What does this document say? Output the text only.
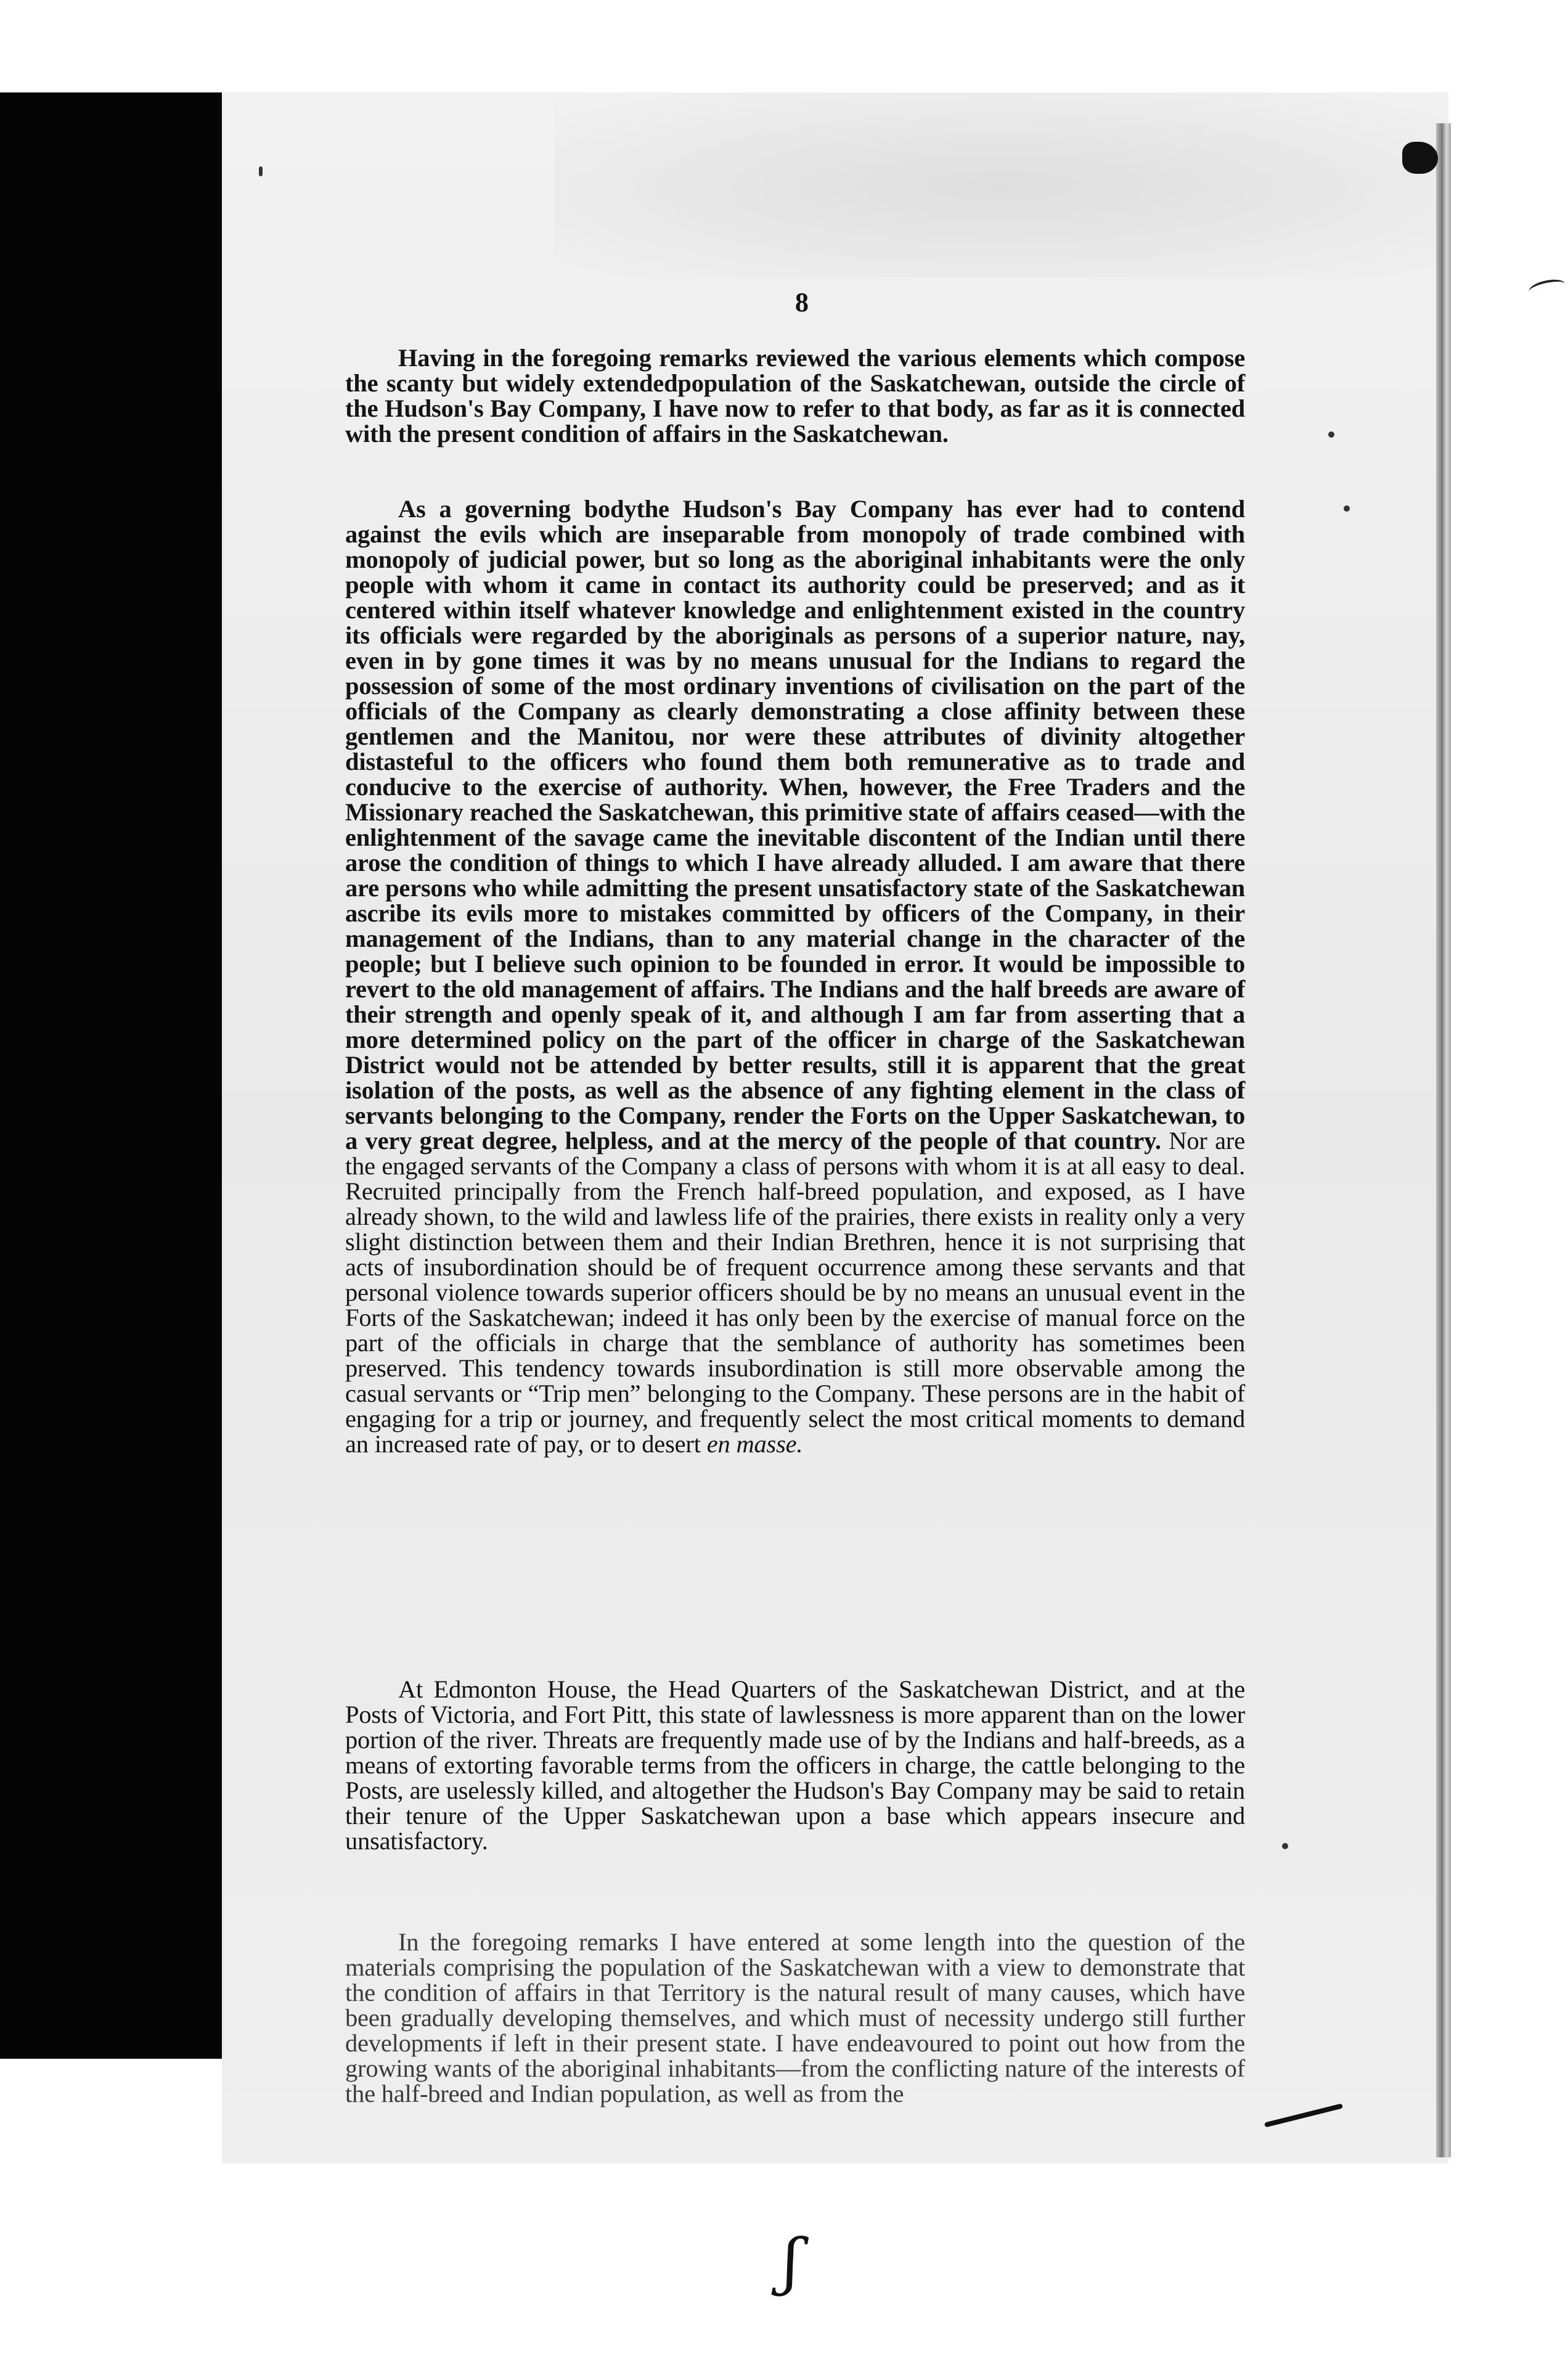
8

Having in the foregoing remarks reviewed the various elements which compose the scanty but widely extendedpopulation of the Saskatchewan, outside the circle of the Hudson's Bay Company, I have now to refer to that body, as far as it is connected with the present condition of affairs in the Saskatchewan.

As a governing bodythe Hudson's Bay Company has ever had to contend against the evils which are inseparable from monopoly of trade combined with monopoly of judicial power, but so long as the aboriginal inhabitants were the only people with whom it came in contact its authority could be preserved; and as it centered within itself whatever knowledge and enlightenment existed in the country its officials were regarded by the aboriginals as persons of a superior nature, nay, even in by gone times it was by no means unusual for the Indians to regard the possession of some of the most ordinary inventions of civilisation on the part of the officials of the Company as clearly demonstrating a close affinity between these gentlemen and the Manitou, nor were these attributes of divinity altogether distasteful to the officers who found them both remunerative as to trade and conducive to the exercise of authority. When, however, the Free Traders and the Missionary reached the Saskatchewan, this primitive state of affairs ceased—with the enlightenment of the savage came the inevitable discontent of the Indian until there arose the condition of things to which I have already alluded. I am aware that there are persons who while admitting the present unsatisfactory state of the Saskatchewan ascribe its evils more to mistakes committed by officers of the Company, in their management of the Indians, than to any material change in the character of the people; but I believe such opinion to be founded in error. It would be impossible to revert to the old management of affairs. The Indians and the half breeds are aware of their strength and openly speak of it, and although I am far from asserting that a more determined policy on the part of the officer in charge of the Saskatchewan District would not be attended by better results, still it is apparent that the great isolation of the posts, as well as the absence of any fighting element in the class of servants belonging to the Company, render the Forts on the Upper Saskatchewan, to a very great degree, helpless, and at the mercy of the people of that country. Nor are the engaged servants of the Company a class of persons with whom it is at all easy to deal. Recruited principally from the French half-breed population, and exposed, as I have already shown, to the wild and lawless life of the prairies, there exists in reality only a very slight distinction between them and their Indian Brethren, hence it is not surprising that acts of insubordination should be of frequent occurrence among these servants and that personal violence towards superior officers should be by no means an unusual event in the Forts of the Saskatchewan; indeed it has only been by the exercise of manual force on the part of the officials in charge that the semblance of authority has sometimes been preserved. This tendency towards insubordination is still more observable among the casual servants or “Trip men” belonging to the Company. These persons are in the habit of engaging for a trip or journey, and frequently select the most critical moments to demand an increased rate of pay, or to desert en masse.

At Edmonton House, the Head Quarters of the Saskatchewan District, and at the Posts of Victoria, and Fort Pitt, this state of lawlessness is more apparent than on the lower portion of the river. Threats are frequently made use of by the Indians and half-breeds, as a means of extorting favorable terms from the officers in charge, the cattle belonging to the Posts, are uselessly killed, and altogether the Hudson's Bay Company may be said to retain their tenure of the Upper Saskatchewan upon a base which appears insecure and unsatisfactory.

In the foregoing remarks I have entered at some length into the question of the materials comprising the population of the Saskatchewan with a view to demonstrate that the condition of affairs in that Territory is the natural result of many causes, which have been gradually developing themselves, and which must of necessity undergo still further developments if left in their present state. I have endeavoured to point out how from the growing wants of the aboriginal inhabitants—from the conflicting nature of the interests of the half-breed and Indian population, as well as from the

ʃ
